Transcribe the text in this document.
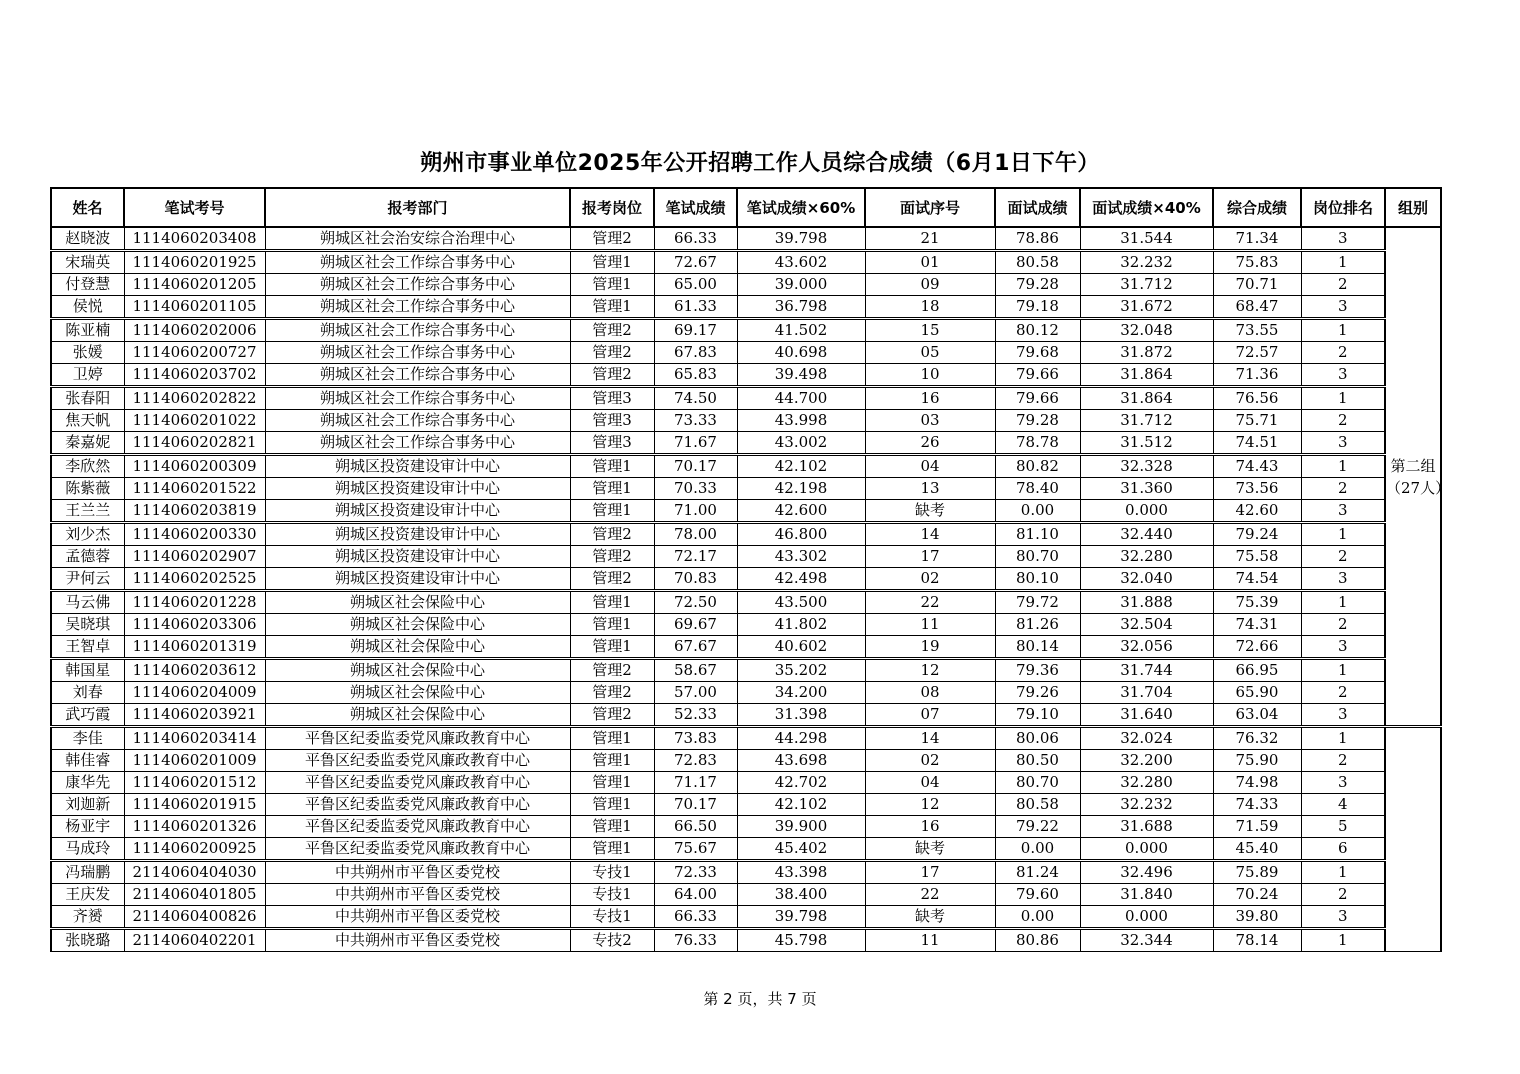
朔州市事业单位2025年公开招聘工作人员综合成绩（6月1日下午）
姓名	笔试考号	报考部门	报考岗位	笔试成绩	笔试成绩×60%	面试序号	面试成绩	面试成绩×40%	综合成绩	岗位排名	组别
赵晓波	1114060203408	朔城区社会治安综合治理中心	管理2	66.33	39.798	21	78.86	31.544	71.34	3	第二组
（27人）

宋瑞英	1114060201925	朔城区社会工作综合事务中心	管理1	72.67	43.602	01	80.58	32.232	75.83	1	
付登慧	1114060201205	朔城区社会工作综合事务中心	管理1	65.00	39.000	09	79.28	31.712	70.71	2	
侯悦	1114060201105	朔城区社会工作综合事务中心	管理1	61.33	36.798	18	79.18	31.672	68.47	3	
陈亚楠	1114060202006	朔城区社会工作综合事务中心	管理2	69.17	41.502	15	80.12	32.048	73.55	1	
张媛	1114060200727	朔城区社会工作综合事务中心	管理2	67.83	40.698	05	79.68	31.872	72.57	2	
卫婷	1114060203702	朔城区社会工作综合事务中心	管理2	65.83	39.498	10	79.66	31.864	71.36	3	
张春阳	1114060202822	朔城区社会工作综合事务中心	管理3	74.50	44.700	16	79.66	31.864	76.56	1	
焦天帆	1114060201022	朔城区社会工作综合事务中心	管理3	73.33	43.998	03	79.28	31.712	75.71	2	
秦嘉妮	1114060202821	朔城区社会工作综合事务中心	管理3	71.67	43.002	26	78.78	31.512	74.51	3	
李欣然	1114060200309	朔城区投资建设审计中心	管理1	70.17	42.102	04	80.82	32.328	74.43	1	
陈紫薇	1114060201522	朔城区投资建设审计中心	管理1	70.33	42.198	13	78.40	31.360	73.56	2	
王兰兰	1114060203819	朔城区投资建设审计中心	管理1	71.00	42.600	缺考	0.00	0.000	42.60	3	
刘少杰	1114060200330	朔城区投资建设审计中心	管理2	78.00	46.800	14	81.10	32.440	79.24	1	
孟德蓉	1114060202907	朔城区投资建设审计中心	管理2	72.17	43.302	17	80.70	32.280	75.58	2	
尹何云	1114060202525	朔城区投资建设审计中心	管理2	70.83	42.498	02	80.10	32.040	74.54	3	
马云佛	1114060201228	朔城区社会保险中心	管理1	72.50	43.500	22	79.72	31.888	75.39	1	
吴晓琪	1114060203306	朔城区社会保险中心	管理1	69.67	41.802	11	81.26	32.504	74.31	2	
王智卓	1114060201319	朔城区社会保险中心	管理1	67.67	40.602	19	80.14	32.056	72.66	3	
韩国星	1114060203612	朔城区社会保险中心	管理2	58.67	35.202	12	79.36	31.744	66.95	1	
刘春	1114060204009	朔城区社会保险中心	管理2	57.00	34.200	08	79.26	31.704	65.90	2	
武巧霞	1114060203921	朔城区社会保险中心	管理2	52.33	31.398	07	79.10	31.640	63.04	3	
李佳	1114060203414	平鲁区纪委监委党风廉政教育中心	管理1	73.83	44.298	14	80.06	32.024	76.32	1	
韩佳睿	1114060201009	平鲁区纪委监委党风廉政教育中心	管理1	72.83	43.698	02	80.50	32.200	75.90	2	
康华先	1114060201512	平鲁区纪委监委党风廉政教育中心	管理1	71.17	42.702	04	80.70	32.280	74.98	3	
刘迦新	1114060201915	平鲁区纪委监委党风廉政教育中心	管理1	70.17	42.102	12	80.58	32.232	74.33	4	
杨亚宇	1114060201326	平鲁区纪委监委党风廉政教育中心	管理1	66.50	39.900	16	79.22	31.688	71.59	5	
马成玲	1114060200925	平鲁区纪委监委党风廉政教育中心	管理1	75.67	45.402	缺考	0.00	0.000	45.40	6	
冯瑞鹏	2114060404030	中共朔州市平鲁区委党校	专技1	72.33	43.398	17	81.24	32.496	75.89	1	
王庆发	2114060401805	中共朔州市平鲁区委党校	专技1	64.00	38.400	22	79.60	31.840	70.24	2	
齐赟	2114060400826	中共朔州市平鲁区委党校	专技1	66.33	39.798	缺考	0.00	0.000	39.80	3	
张晓璐	2114060402201	中共朔州市平鲁区委党校	专技2	76.33	45.798	11	80.86	32.344	78.14	1	
第 2 页，共 7 页
